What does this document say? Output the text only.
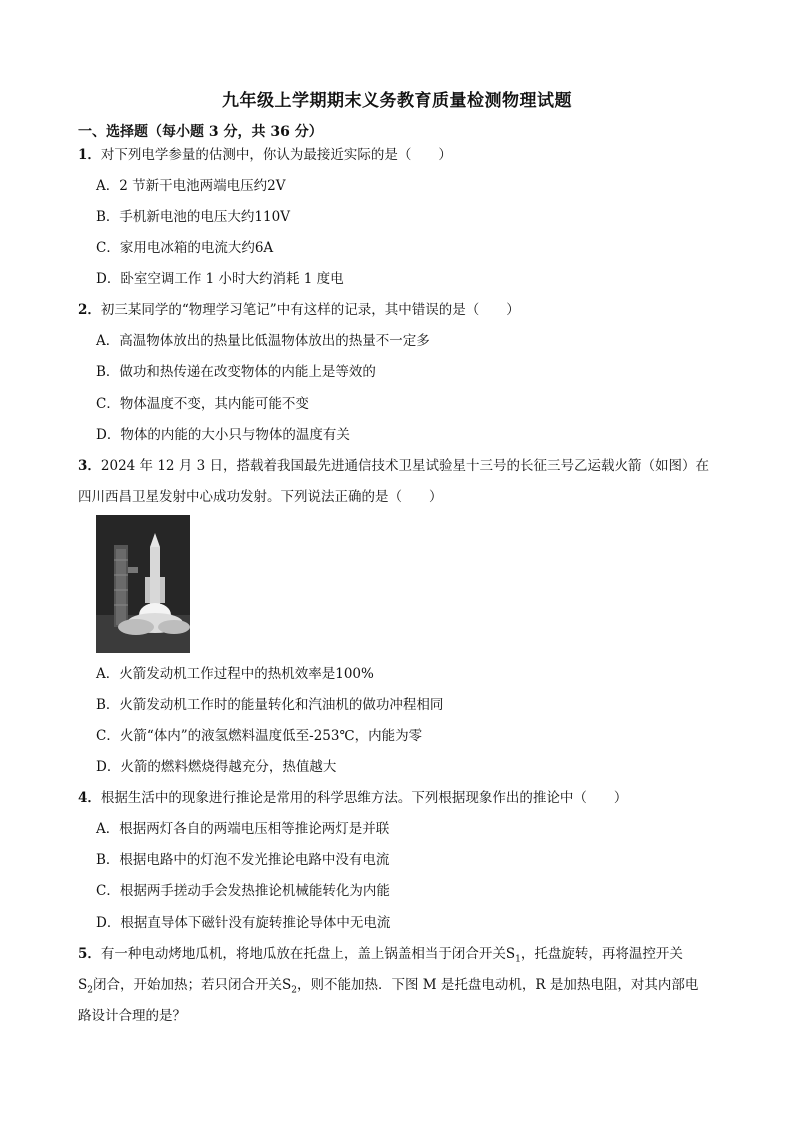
九年级上学期期末义务教育质量检测物理试题
一、选择题（每小题 3 分，共 36 分）
1．对下列电学参量的估测中，你认为最接近实际的是（　　）
A．2 节新干电池两端电压约2V
B．手机新电池的电压大约110V
C．家用电冰箱的电流大约6A
D．卧室空调工作 1 小时大约消耗 1 度电
2．初三某同学的“物理学习笔记”中有这样的记录，其中错误的是（　　）
A．高温物体放出的热量比低温物体放出的热量不一定多
B．做功和热传递在改变物体的内能上是等效的
C．物体温度不变，其内能可能不变
D．物体的内能的大小只与物体的温度有关
3．2024 年 12 月 3 日，搭载着我国最先进通信技术卫星试验星十三号的长征三号乙运载火箭（如图）在
四川西昌卫星发射中心成功发射。下列说法正确的是（　　）
A．火箭发动机工作过程中的热机效率是100%
B．火箭发动机工作时的能量转化和汽油机的做功冲程相同
C．火箭“体内”的液氢燃料温度低至-253℃，内能为零
D．火箭的燃料燃烧得越充分，热值越大
4．根据生活中的现象进行推论是常用的科学思维方法。下列根据现象作出的推论中（　　）
A．根据两灯各自的两端电压相等推论两灯是并联
B．根据电路中的灯泡不发光推论电路中没有电流
C．根据两手搓动手会发热推论机械能转化为内能
D．根据直导体下磁针没有旋转推论导体中无电流
5．有一种电动烤地瓜机，将地瓜放在托盘上，盖上锅盖相当于闭合开关$S_1$，托盘旋转，再将温控开关
$S_2$闭合，开始加热；若只闭合开关$S_2$，则不能加热．下图 M 是托盘电动机，R 是加热电阻，对其内部电
路设计合理的是？
